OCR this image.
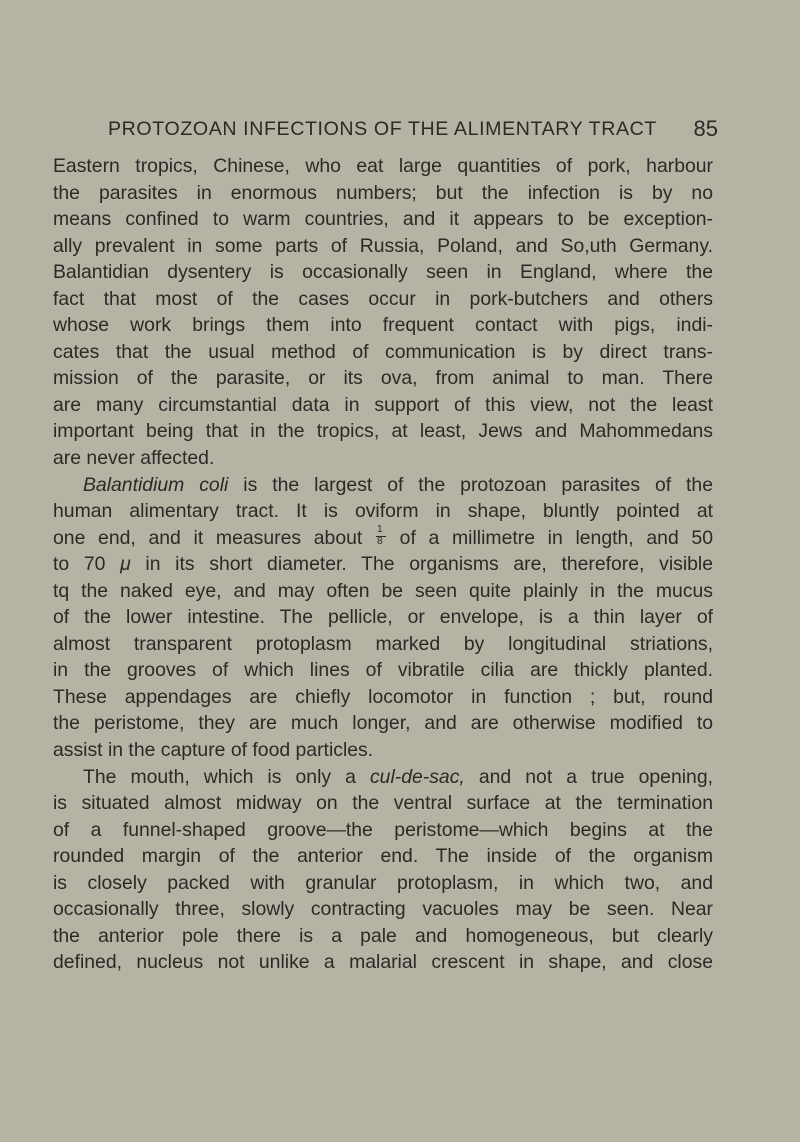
PROTOZOAN INFECTIONS OF THE ALIMENTARY TRACT 85
Eastern tropics, Chinese, who eat large quantities of pork, harbour
the parasites in enormous numbers; but the infection is by no
means confined to warm countries, and it appears to be exception-
ally prevalent in some parts of Russia, Poland, and So,uth Germany.
Balantidian dysentery is occasionally seen in England, where the
fact that most of the cases occur in pork-butchers and others
whose work brings them into frequent contact with pigs, indi-
cates that the usual method of communication is by direct trans-
mission of the parasite, or its ova, from animal to man. There
are many circumstantial data in support of this view, not the least
important being that in the tropics, at least, Jews and Mahommedans
are never affected.
Balantidium coli is the largest of the protozoan parasites of the
human alimentary tract. It is oviform in shape, bluntly pointed at
one end, and it measures about $\frac{1}{8}$ of a millimetre in length, and 50
to 70 μ in its short diameter. The organisms are, therefore, visible
tq the naked eye, and may often be seen quite plainly in the mucus
of the lower intestine. The pellicle, or envelope, is a thin layer of
almost transparent protoplasm marked by longitudinal striations,
in the grooves of which lines of vibratile cilia are thickly planted.
These appendages are chiefly locomotor in function ; but, round
the peristome, they are much longer, and are otherwise modified to
assist in the capture of food particles.
The mouth, which is only a cul-de-sac, and not a true opening,
is situated almost midway on the ventral surface at the termination
of a funnel-shaped groove—the peristome—which begins at the
rounded margin of the anterior end. The inside of the organism
is closely packed with granular protoplasm, in which two, and
occasionally three, slowly contracting vacuoles may be seen. Near
the anterior pole there is a pale and homogeneous, but clearly
defined, nucleus not unlike a malarial crescent in shape, and close
